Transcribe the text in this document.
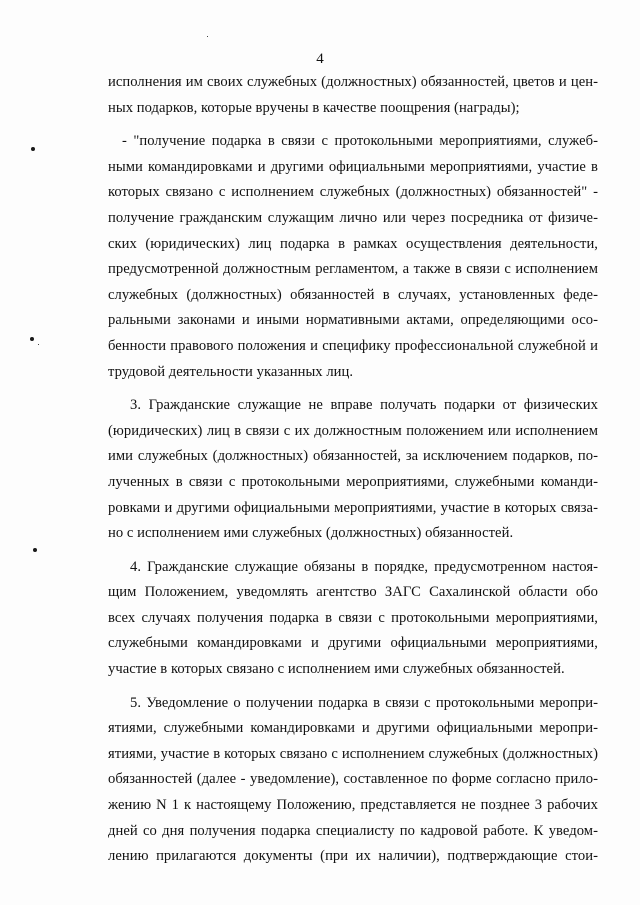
4
исполнения им своих служебных (должностных) обязанностей, цветов и цен-
ных подарков, которые вручены в качестве поощрения (награды);
- "получение подарка в связи с протокольными мероприятиями, служеб-
ными командировками и другими официальными мероприятиями, участие в
которых связано с исполнением служебных (должностных) обязанностей" -
получение гражданским служащим лично или через посредника от физиче-
ских (юридических) лиц подарка в рамках осуществления деятельности,
предусмотренной должностным регламентом, а также в связи с исполнением
служебных (должностных) обязанностей в случаях, установленных феде-
ральными законами и иными нормативными актами, определяющими осо-
бенности правового положения и специфику профессиональной служебной и
трудовой деятельности указанных лиц.
3. Гражданские служащие не вправе получать подарки от физических
(юридических) лиц в связи с их должностным положением или исполнением
ими служебных (должностных) обязанностей, за исключением подарков, по-
лученных в связи с протокольными мероприятиями, служебными команди-
ровками и другими официальными мероприятиями, участие в которых связа-
но с исполнением ими служебных (должностных) обязанностей.
4. Гражданские служащие обязаны в порядке, предусмотренном настоя-
щим Положением, уведомлять агентство ЗАГС Сахалинской области обо
всех случаях получения подарка в связи с протокольными мероприятиями,
служебными командировками и другими официальными мероприятиями,
участие в которых связано с исполнением ими служебных обязанностей.
5. Уведомление о получении подарка в связи с протокольными меропри-
ятиями, служебными командировками и другими официальными меропри-
ятиями, участие в которых связано с исполнением служебных (должностных)
обязанностей (далее - уведомление), составленное по форме согласно прило-
жению N 1 к настоящему Положению, представляется не позднее 3 рабочих
дней со дня получения подарка специалисту по кадровой работе. К уведом-
лению прилагаются документы (при их наличии), подтверждающие стои-
